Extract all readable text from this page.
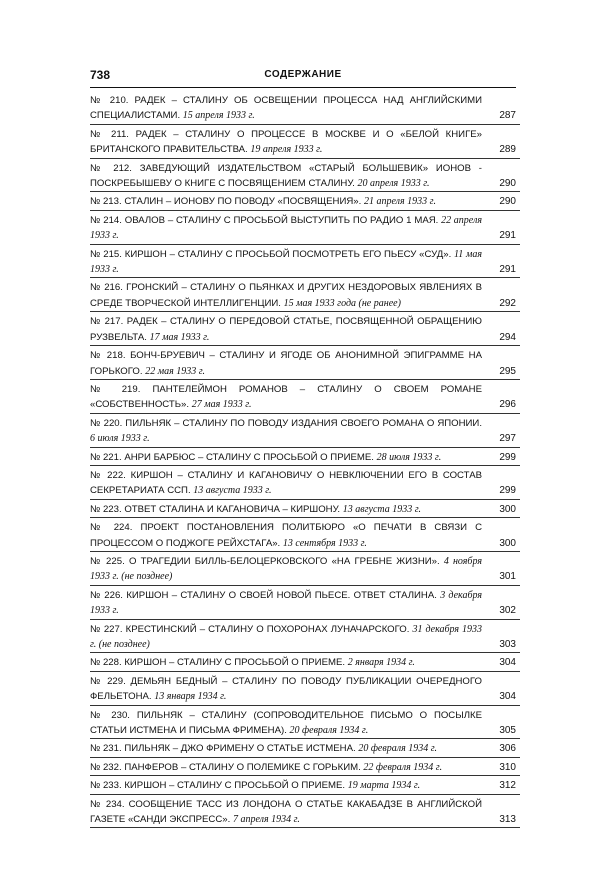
738	СОДЕРЖАНИЕ
№ 210. РАДЕК – СТАЛИНУ ОБ ОСВЕЩЕНИИ ПРОЦЕССА НАД АНГЛИЙСКИМИ СПЕЦИАЛИСТАМИ. 15 апреля 1933 г.	287
№ 211. РАДЕК – СТАЛИНУ О ПРОЦЕССЕ В МОСКВЕ И О «БЕЛОЙ КНИГЕ» БРИТАНСКОГО ПРАВИТЕЛЬСТВА. 19 апреля 1933 г.	289
№ 212. ЗАВЕДУЮЩИЙ ИЗДАТЕЛЬСТВОМ «СТАРЫЙ БОЛЬШЕВИК» ИОНОВ - ПОСКРЕБЫШЕВУ О КНИГЕ С ПОСВЯЩЕНИЕМ СТАЛИНУ. 20 апреля 1933 г.	290
№ 213. СТАЛИН – ИОНОВУ ПО ПОВОДУ «ПОСВЯЩЕНИЯ». 21 апреля 1933 г.	290
№ 214. ОВАЛОВ – СТАЛИНУ С ПРОСЬБОЙ ВЫСТУПИТЬ ПО РАДИО 1 МАЯ. 22 апреля 1933 г.	291
№ 215. КИРШОН – СТАЛИНУ С ПРОСЬБОЙ ПОСМОТРЕТЬ ЕГО ПЬЕСУ «СУД». 11 мая 1933 г.	291
№ 216. ГРОНСКИЙ – СТАЛИНУ О ПЬЯНКАХ И ДРУГИХ НЕЗДОРОВЫХ ЯВЛЕНИЯХ В СРЕДЕ ТВОРЧЕСКОЙ ИНТЕЛЛИГЕНЦИИ. 15 мая 1933 года (не ранее)	292
№ 217. РАДЕК – СТАЛИНУ О ПЕРЕДОВОЙ СТАТЬЕ, ПОСВЯЩЕННОЙ ОБРАЩЕНИЮ РУЗВЕЛЬТА. 17 мая 1933 г.	294
№ 218. БОНЧ-БРУЕВИЧ – СТАЛИНУ И ЯГОДЕ ОБ АНОНИМНОЙ ЭПИГРАММЕ НА ГОРЬКОГО. 22 мая 1933 г.	295
№ 219. ПАНТЕЛЕЙМОН РОМАНОВ – СТАЛИНУ О СВОЕМ РОМАНЕ «СОБСТВЕННОСТЬ». 27 мая 1933 г.	296
№ 220. ПИЛЬНЯК – СТАЛИНУ ПО ПОВОДУ ИЗДАНИЯ СВОЕГО РОМАНА О ЯПОНИИ. 6 июля 1933 г.	297
№ 221. АНРИ БАРБЮС – СТАЛИНУ С ПРОСЬБОЙ О ПРИЕМЕ. 28 июля 1933 г.	299
№ 222. КИРШОН – СТАЛИНУ И КАГАНОВИЧУ О НЕВКЛЮЧЕНИИ ЕГО В СОСТАВ СЕКРЕТАРИАТА ССП. 13 августа 1933 г.	299
№ 223. ОТВЕТ СТАЛИНА И КАГАНОВИЧА – КИРШОНУ. 13 августа 1933 г.	300
№ 224. ПРОЕКТ ПОСТАНОВЛЕНИЯ ПОЛИТБЮРО «О ПЕЧАТИ В СВЯЗИ С ПРОЦЕССОМ О ПОДЖОГЕ РЕЙХСТАГА». 13 сентября 1933 г.	300
№ 225. О ТРАГЕДИИ БИЛЛЬ-БЕЛОЦЕРКОВСКОГО «НА ГРЕБНЕ ЖИЗНИ». 4 ноября 1933 г. (не позднее)	301
№ 226. КИРШОН – СТАЛИНУ О СВОЕЙ НОВОЙ ПЬЕСЕ. ОТВЕТ СТАЛИНА. 3 декабря 1933 г.	302
№ 227. КРЕСТИНСКИЙ – СТАЛИНУ О ПОХОРОНАХ ЛУНАЧАРСКОГО. 31 декабря 1933 г. (не позднее)	303
№ 228. КИРШОН – СТАЛИНУ С ПРОСЬБОЙ О ПРИЕМЕ. 2 января 1934 г.	304
№ 229. ДЕМЬЯН БЕДНЫЙ – СТАЛИНУ ПО ПОВОДУ ПУБЛИКАЦИИ ОЧЕРЕДНОГО ФЕЛЬЕТОНА. 13 января 1934 г.	304
№ 230. ПИЛЬНЯК – СТАЛИНУ (СОПРОВОДИТЕЛЬНОЕ ПИСЬМО О ПОСЫЛКЕ СТАТЬИ ИСТМЕНА И ПИСЬМА ФРИМЕНА). 20 февраля 1934 г.	305
№ 231. ПИЛЬНЯК – ДЖО ФРИМЕНУ О СТАТЬЕ ИСТМЕНА. 20 февраля 1934 г.	306
№ 232. ПАНФЕРОВ – СТАЛИНУ О ПОЛЕМИКЕ С ГОРЬКИМ. 22 февраля 1934 г.	310
№ 233. КИРШОН – СТАЛИНУ С ПРОСЬБОЙ О ПРИЕМЕ. 19 марта 1934 г.	312
№ 234. СООБЩЕНИЕ ТАСС ИЗ ЛОНДОНА О СТАТЬЕ КАКАБАДЗЕ В АНГЛИЙСКОЙ ГАЗЕТЕ «САНДИ ЭКСПРЕСС». 7 апреля 1934 г.	313
